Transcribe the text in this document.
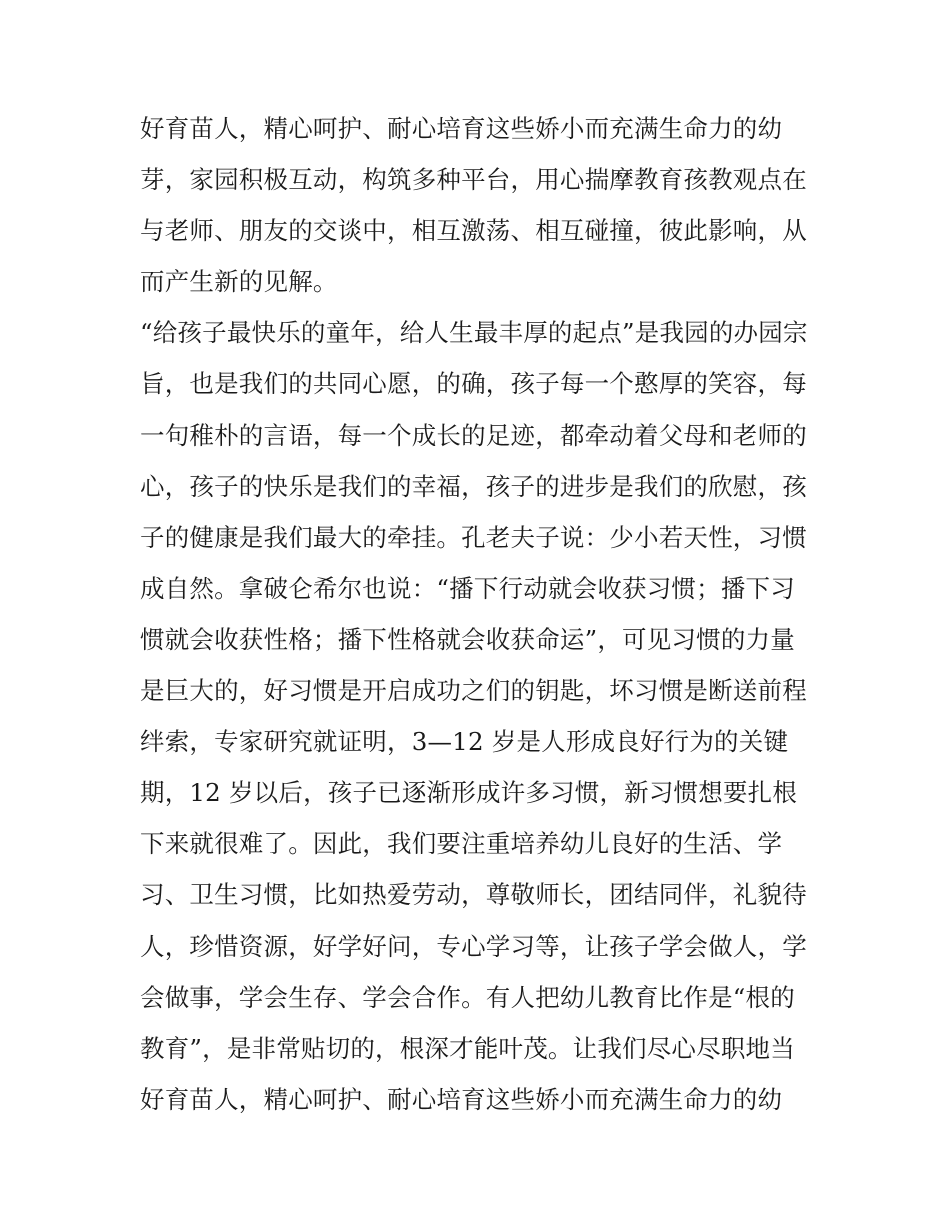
好育苗人，精心呵护、耐心培育这些娇小而充满生命力的幼
芽，家园积极互动，构筑多种平台，用心揣摩教育孩教观点在
与老师、朋友的交谈中，相互激荡、相互碰撞，彼此影响，从
而产生新的见解。
“给孩子最快乐的童年，给人生最丰厚的起点”是我园的办园宗
旨，也是我们的共同心愿，的确，孩子每一个憨厚的笑容，每
一句稚朴的言语，每一个成长的足迹，都牵动着父母和老师的
心，孩子的快乐是我们的幸福，孩子的进步是我们的欣慰，孩
子的健康是我们最大的牵挂。孔老夫子说：少小若天性，习惯
成自然。拿破仑希尔也说：“播下行动就会收获习惯；播下习
惯就会收获性格；播下性格就会收获命运”，可见习惯的力量
是巨大的，好习惯是开启成功之们的钥匙，坏习惯是断送前程
绊索，专家研究就证明，3—12 岁是人形成良好行为的关键
期，12 岁以后，孩子已逐渐形成许多习惯，新习惯想要扎根
下来就很难了。因此，我们要注重培养幼儿良好的生活、学
习、卫生习惯，比如热爱劳动，尊敬师长，团结同伴，礼貌待
人，珍惜资源，好学好问，专心学习等，让孩子学会做人，学
会做事，学会生存、学会合作。有人把幼儿教育比作是“根的
教育”，是非常贴切的，根深才能叶茂。让我们尽心尽职地当
好育苗人，精心呵护、耐心培育这些娇小而充满生命力的幼
